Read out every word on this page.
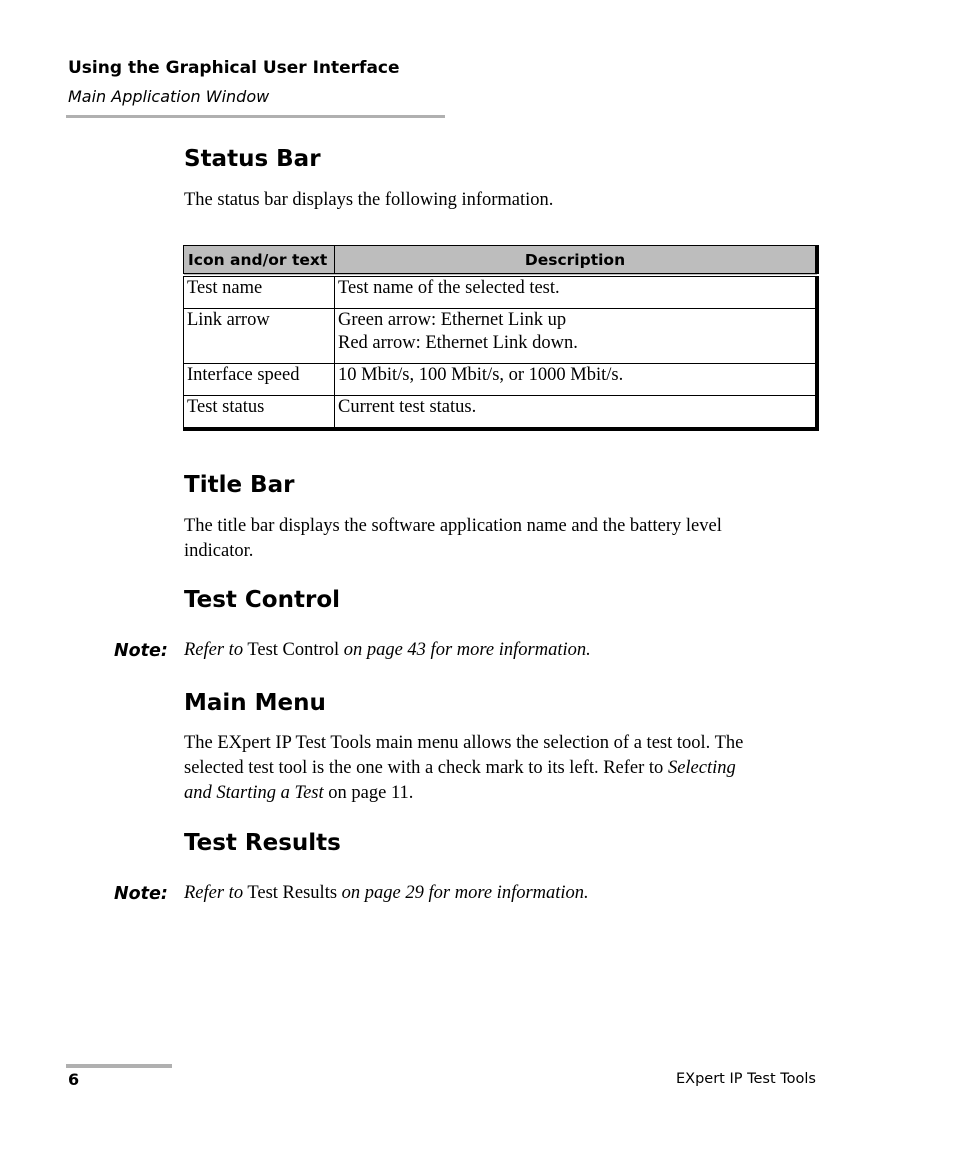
Using the Graphical User Interface
Main Application Window
Status Bar

The status bar displays the following information.

Icon and/or text	Description
Test name	Test name of the selected test.

Link arrow	Green arrow: Ethernet Link up
Red arrow: Ethernet Link down.

Interface speed	10 Mbit/s, 100 Mbit/s, or 1000 Mbit/s.

Test status	Current test status.
Title Bar
The title bar displays the software application name and the battery level
indicator.
Test Control
Note: Refer to Test Control on page 43 for more information.
Main Menu
The EXpert IP Test Tools main menu allows the selection of a test tool. The
selected test tool is the one with a check mark to its left. Refer to Selecting
and Starting a Test on page 11.
Test Results
Note: Refer to Test Results on page 29 for more information.
6	EXpert IP Test Tools
